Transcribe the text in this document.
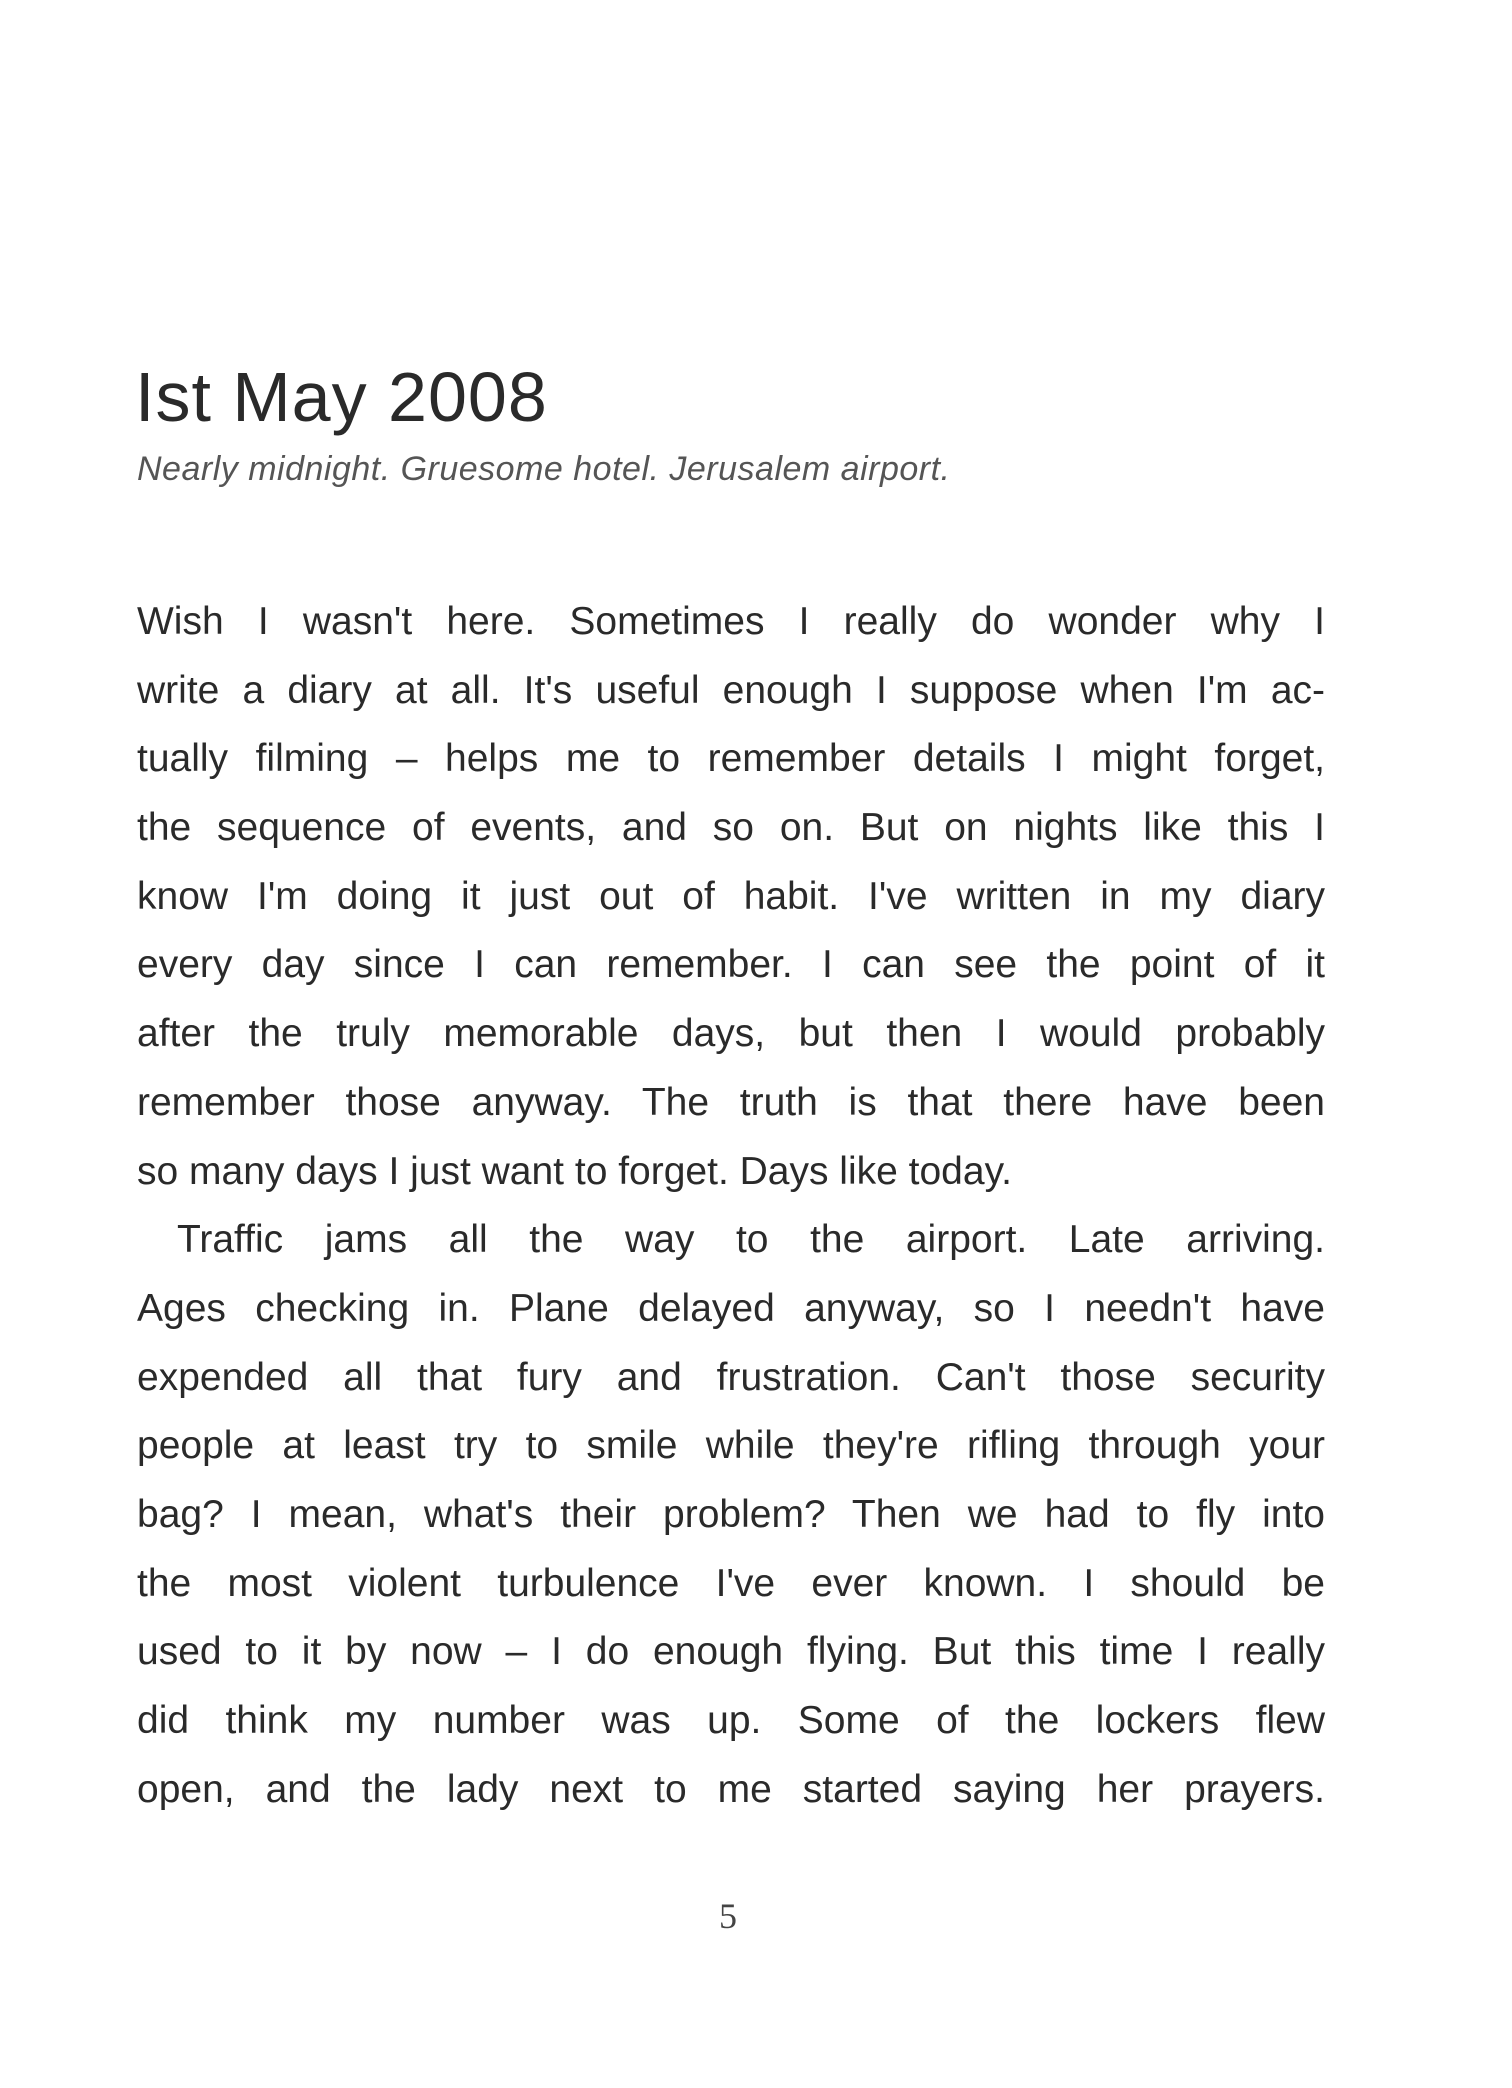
Ist May 2008
Nearly midnight. Gruesome hotel. Jerusalem airport.
Wish I wasn't here. Sometimes I really do wonder why I
write a diary at all. It's useful enough I suppose when I'm ac-
tually filming – helps me to remember details I might forget,
the sequence of events, and so on. But on nights like this I
know I'm doing it just out of habit. I've written in my diary
every day since I can remember. I can see the point of it
after the truly memorable days, but then I would probably
remember those anyway. The truth is that there have been
so many days I just want to forget. Days like today.
Traffic jams all the way to the airport. Late arriving.
Ages checking in. Plane delayed anyway, so I needn't have
expended all that fury and frustration. Can't those security
people at least try to smile while they're rifling through your
bag? I mean, what's their problem? Then we had to fly into
the most violent turbulence I've ever known. I should be
used to it by now – I do enough flying. But this time I really
did think my number was up. Some of the lockers flew
open, and the lady next to me started saying her prayers.
5
